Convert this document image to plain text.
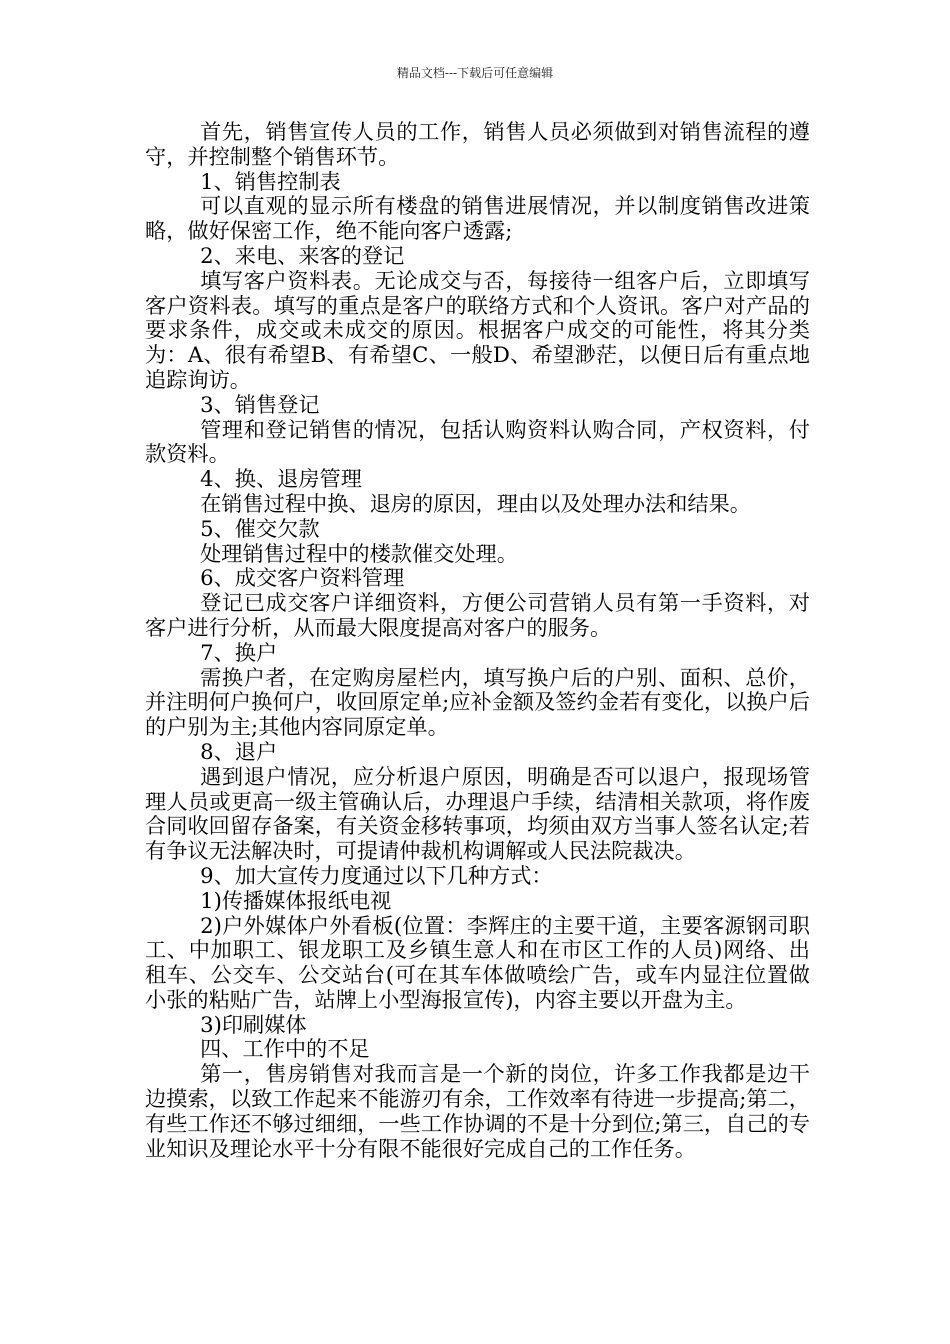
精品文档---下载后可任意编辑

首先，销售宣传人员的工作，销售人员必须做到对销售流程的遵守，并控制整个销售环节。

1、销售控制表

可以直观的显示所有楼盘的销售进展情况，并以制度销售改进策略，做好保密工作，绝不能向客户透露;

2、来电、来客的登记

填写客户资料表。无论成交与否，每接待一组客户后，立即填写客户资料表。填写的重点是客户的联络方式和个人资讯。客户对产品的要求条件，成交或未成交的原因。根据客户成交的可能性，将其分类为：A、很有希望B、有希望C、一般D、希望渺茫，以便日后有重点地追踪询访。

3、销售登记

管理和登记销售的情况，包括认购资料认购合同，产权资料，付款资料。

4、换、退房管理

在销售过程中换、退房的原因，理由以及处理办法和结果。

5、催交欠款

处理销售过程中的楼款催交处理。

6、成交客户资料管理

登记已成交客户详细资料，方便公司营销人员有第一手资料，对客户进行分析，从而最大限度提高对客户的服务。

7、换户

需换户者，在定购房屋栏内，填写换户后的户别、面积、总价，并注明何户换何户，收回原定单;应补金额及签约金若有变化，以换户后的户别为主;其他内容同原定单。

8、退户

遇到退户情况，应分析退户原因，明确是否可以退户，报现场管理人员或更高一级主管确认后，办理退户手续，结清相关款项，将作废合同收回留存备案，有关资金移转事项，均须由双方当事人签名认定;若有争议无法解决时，可提请仲裁机构调解或人民法院裁决。

9、加大宣传力度通过以下几种方式：

1)传播媒体报纸电视

2)户外媒体户外看板(位置：李辉庄的主要干道，主要客源钢司职工、中加职工、银龙职工及乡镇生意人和在市区工作的人员)网络、出租车、公交车、公交站台(可在其车体做喷绘广告，或车内显注位置做小张的粘贴广告，站牌上小型海报宣传)，内容主要以开盘为主。

3)印刷媒体

四、工作中的不足

第一，售房销售对我而言是一个新的岗位，许多工作我都是边干边摸索，以致工作起来不能游刃有余，工作效率有待进一步提高;第二，有些工作还不够过细细，一些工作协调的不是十分到位;第三，自己的专业知识及理论水平十分有限不能很好完成自己的工作任务。
